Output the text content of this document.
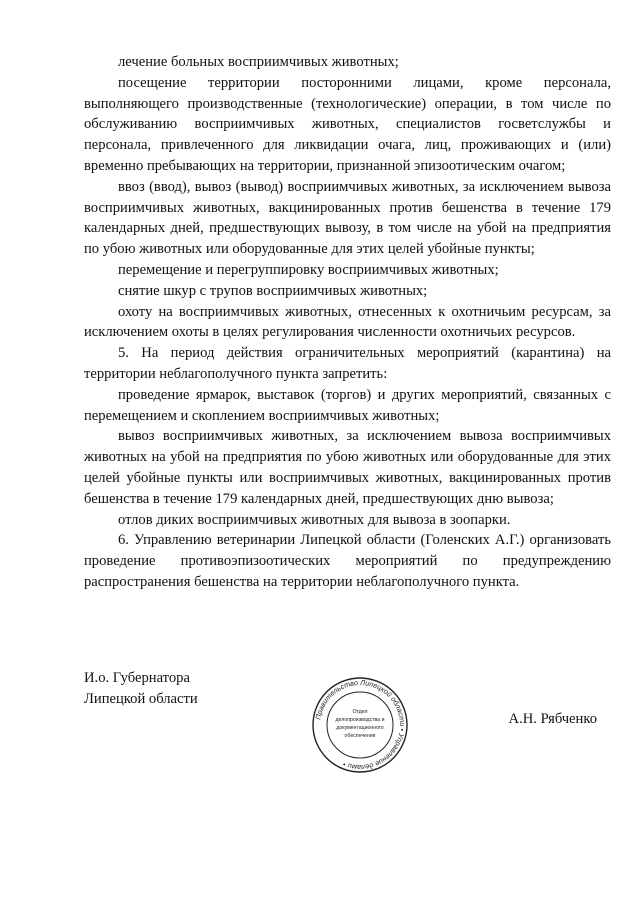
лечение больных восприимчивых животных;

посещение территории посторонними лицами, кроме персонала, выполняющего производственные (технологические) операции, в том числе по обслуживанию восприимчивых животных, специалистов госветслужбы и персонала, привлеченного для ликвидации очага, лиц, проживающих и (или) временно пребывающих на территории, признанной эпизоотическим очагом;

ввоз (ввод), вывоз (вывод) восприимчивых животных, за исключением вывоза восприимчивых животных, вакцинированных против бешенства в течение 179 календарных дней, предшествующих вывозу, в том числе на убой на предприятия по убою животных или оборудованные для этих целей убойные пункты;

перемещение и перегруппировку восприимчивых животных;

снятие шкур с трупов восприимчивых животных;

охоту на восприимчивых животных, отнесенных к охотничьим ресурсам, за исключением охоты в целях регулирования численности охотничьих ресурсов.

5. На период действия ограничительных мероприятий (карантина) на территории неблагополучного пункта запретить:

проведение ярмарок, выставок (торгов) и других мероприятий, связанных с перемещением и скоплением восприимчивых животных;

вывоз восприимчивых животных, за исключением вывоза восприимчивых животных на убой на предприятия по убою животных или оборудованные для этих целей убойные пункты или восприимчивых животных, вакцинированных против бешенства в течение 179 календарных дней, предшествующих дню вывоза;

отлов диких восприимчивых животных для вывоза в зоопарки.

6. Управлению ветеринарии Липецкой области (Голенских А.Г.) организовать проведение противоэпизоотических мероприятий по предупреждению распространения бешенства на территории неблагополучного пункта.

И.о. Губернатора
Липецкой области
А.Н. Рябченко
Правительство Липецкой области • Управление делами •
Отдел
делопроизводства и
документационного
обеспечения
